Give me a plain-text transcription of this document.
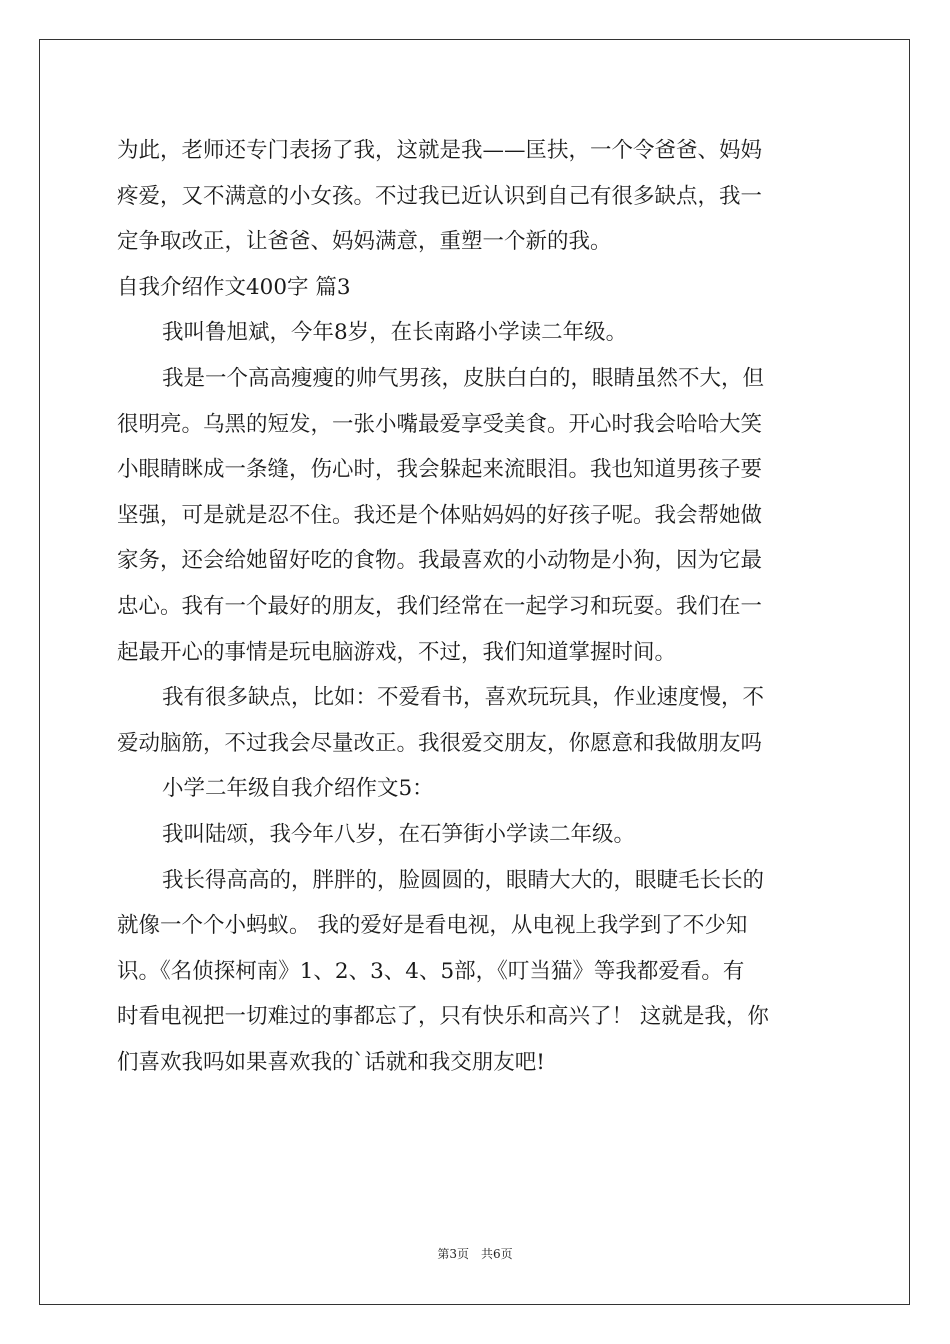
为此，老师还专门表扬了我，这就是我——匡扶，一个令爸爸、妈妈
疼爱，又不满意的小女孩。不过我已近认识到自己有很多缺点，我一
定争取改正，让爸爸、妈妈满意，重塑一个新的我。
自我介绍作文400字 篇3
我叫鲁旭斌，今年8岁，在长南路小学读二年级。
我是一个高高瘦瘦的帅气男孩，皮肤白白的，眼睛虽然不大，但
很明亮。乌黑的短发，一张小嘴最爱享受美食。开心时我会哈哈大笑
小眼睛眯成一条缝，伤心时，我会躲起来流眼泪。我也知道男孩子要
坚强，可是就是忍不住。我还是个体贴妈妈的好孩子呢。我会帮她做
家务，还会给她留好吃的食物。我最喜欢的小动物是小狗，因为它最
忠心。我有一个最好的朋友，我们经常在一起学习和玩耍。我们在一
起最开心的事情是玩电脑游戏，不过，我们知道掌握时间。
我有很多缺点，比如：不爱看书，喜欢玩玩具，作业速度慢，不
爱动脑筋，不过我会尽量改正。我很爱交朋友，你愿意和我做朋友吗
小学二年级自我介绍作文5：
我叫陆颂，我今年八岁，在石笋街小学读二年级。
我长得高高的，胖胖的，脸圆圆的，眼睛大大的，眼睫毛长长的
就像一个个小蚂蚁。 我的爱好是看电视，从电视上我学到了不少知
识。《名侦探柯南》1、2、3、4、5部，《叮当猫》等我都爱看。有
时看电视把一切难过的事都忘了，只有快乐和高兴了！ 这就是我，你
们喜欢我吗如果喜欢我的`话就和我交朋友吧!
第3页　共6页
